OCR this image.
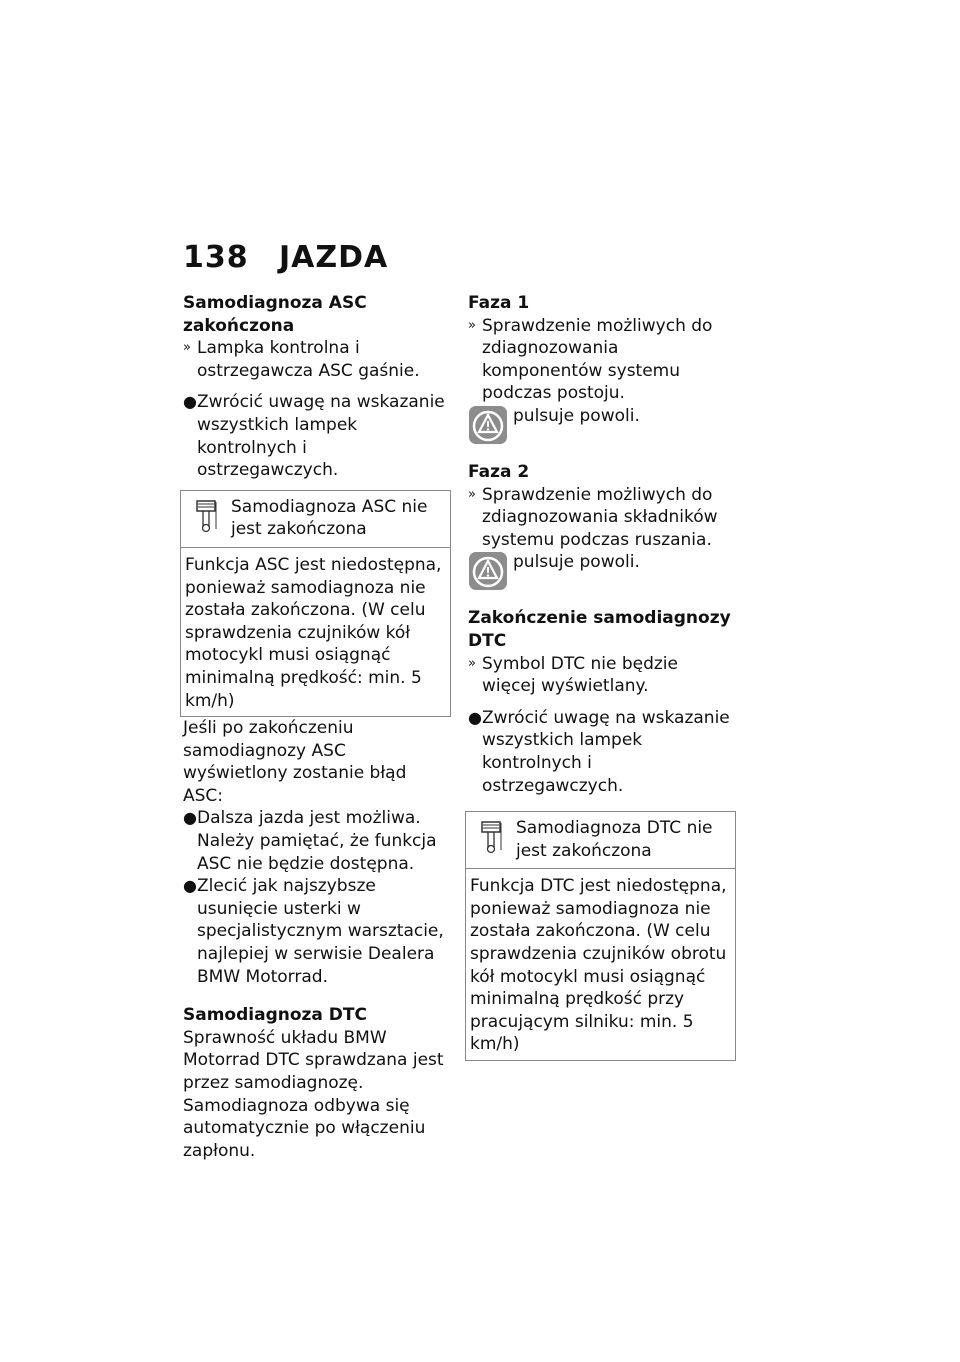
138 JAZDA

Samodiagnoza ASC zakończona

» Lampka kontrolna i ostrzegawcza ASC gaśnie.
● Zwrócić uwagę na wskazanie wszystkich lampek kontrolnych i ostrzegawczych.
Samodiagnoza ASC nie jest zakończona
Funkcja ASC jest niedostępna, ponieważ samodiagnoza nie została zakończona. (W celu sprawdzenia czujników kół motocykl musi osiągnąć minimalną prędkość: min. 5 km/h)

Jeśli po zakończeniu samodiagnozy ASC wyświetlony zostanie błąd ASC:

● Dalsza jazda jest możliwa. Należy pamiętać, że funkcja ASC nie będzie dostępna.
● Zlecić jak najszybsze usunięcie usterki w specjalistycznym warsztacie, najlepiej w serwisie Dealera BMW Motorrad.

Samodiagnoza DTC

Sprawność układu BMW Motorrad DTC sprawdzana jest przez samodiagnozę. Samodiagnoza odbywa się automatycznie po włączeniu zapłonu.

Faza 1

» Sprawdzenie możliwych do zdiagnozowania komponentów systemu podczas postoju.
pulsuje powoli.

Faza 2

» Sprawdzenie możliwych do zdiagnozowania składników systemu podczas ruszania.
pulsuje powoli.

Zakończenie samodiagnozy DTC

» Symbol DTC nie będzie więcej wyświetlany.
● Zwrócić uwagę na wskazanie wszystkich lampek kontrolnych i ostrzegawczych.
Samodiagnoza DTC nie jest zakończona
Funkcja DTC jest niedostępna, ponieważ samodiagnoza nie została zakończona. (W celu sprawdzenia czujników obrotu kół motocykl musi osiągnąć minimalną prędkość przy pracującym silniku: min. 5 km/h)
